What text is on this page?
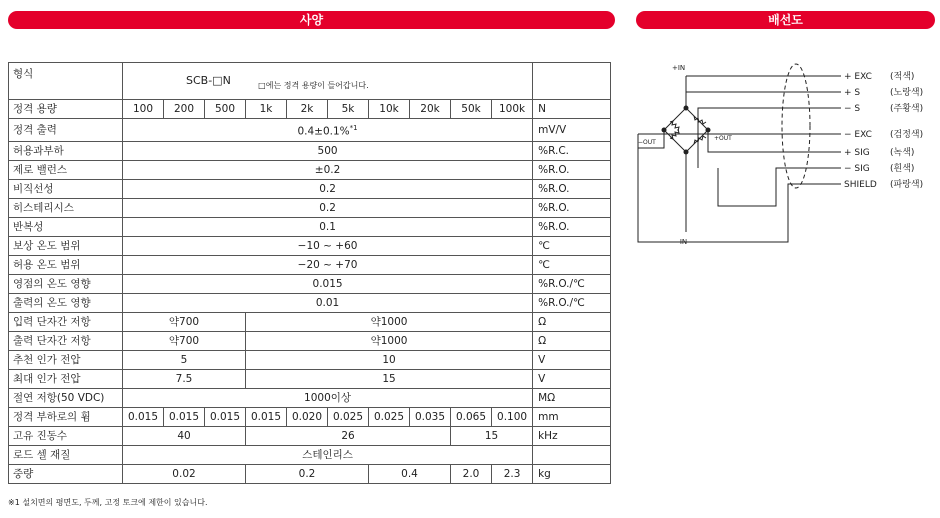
사양	배선도
형식	SCB-□N $_{□에는 정격 용량이 들어갑니다.}$	
정격 용량	100	200	500	1k	2k	5k	10k	20k	50k	100k	N
정격 출력	0.4±0.1%$^{*1}$										mV/V
허용과부하	500										%R.C.
제로 밸런스	±0.2										%R.O.
비직선성	0.2										%R.O.
히스테리시스	0.2										%R.O.
반복성	0.1										%R.O.
보상 온도 범위	−10 ~ +60										℃
허용 온도 범위	−20 ~ +70										℃
영점의 온도 영향	0.015										%R.O./℃
출력의 온도 영향	0.01										%R.O./℃
입력 단자간 저항	약700			약1000							Ω
출력 단자간 저항	약700			약1000							Ω
추천 인가 전압	5			10							V
최대 인가 전압	7.5			15							V
절연 저항(50 VDC)	1000이상										MΩ
정격 부하로의 휨	0.015	0.015	0.015	0.015	0.020	0.025	0.025	0.035	0.065	0.100	mm
고유 진동수	40			26					15		kHz
로드 셀 재질	스테인리스										
중량	0.02			0.2			0.4		2.0	2.3	kg
※1 설치면의 평면도, 두께, 고정 토크에 제한이 있습니다.
+IN
−IN
−OUT
+OUT
+ EXC (적색)
+ S	(노랑색)
− S	(주황색)
− EXC (검정색)
+ SIG (녹색)
− SIG (흰색)
SHIELD (파랑색)
